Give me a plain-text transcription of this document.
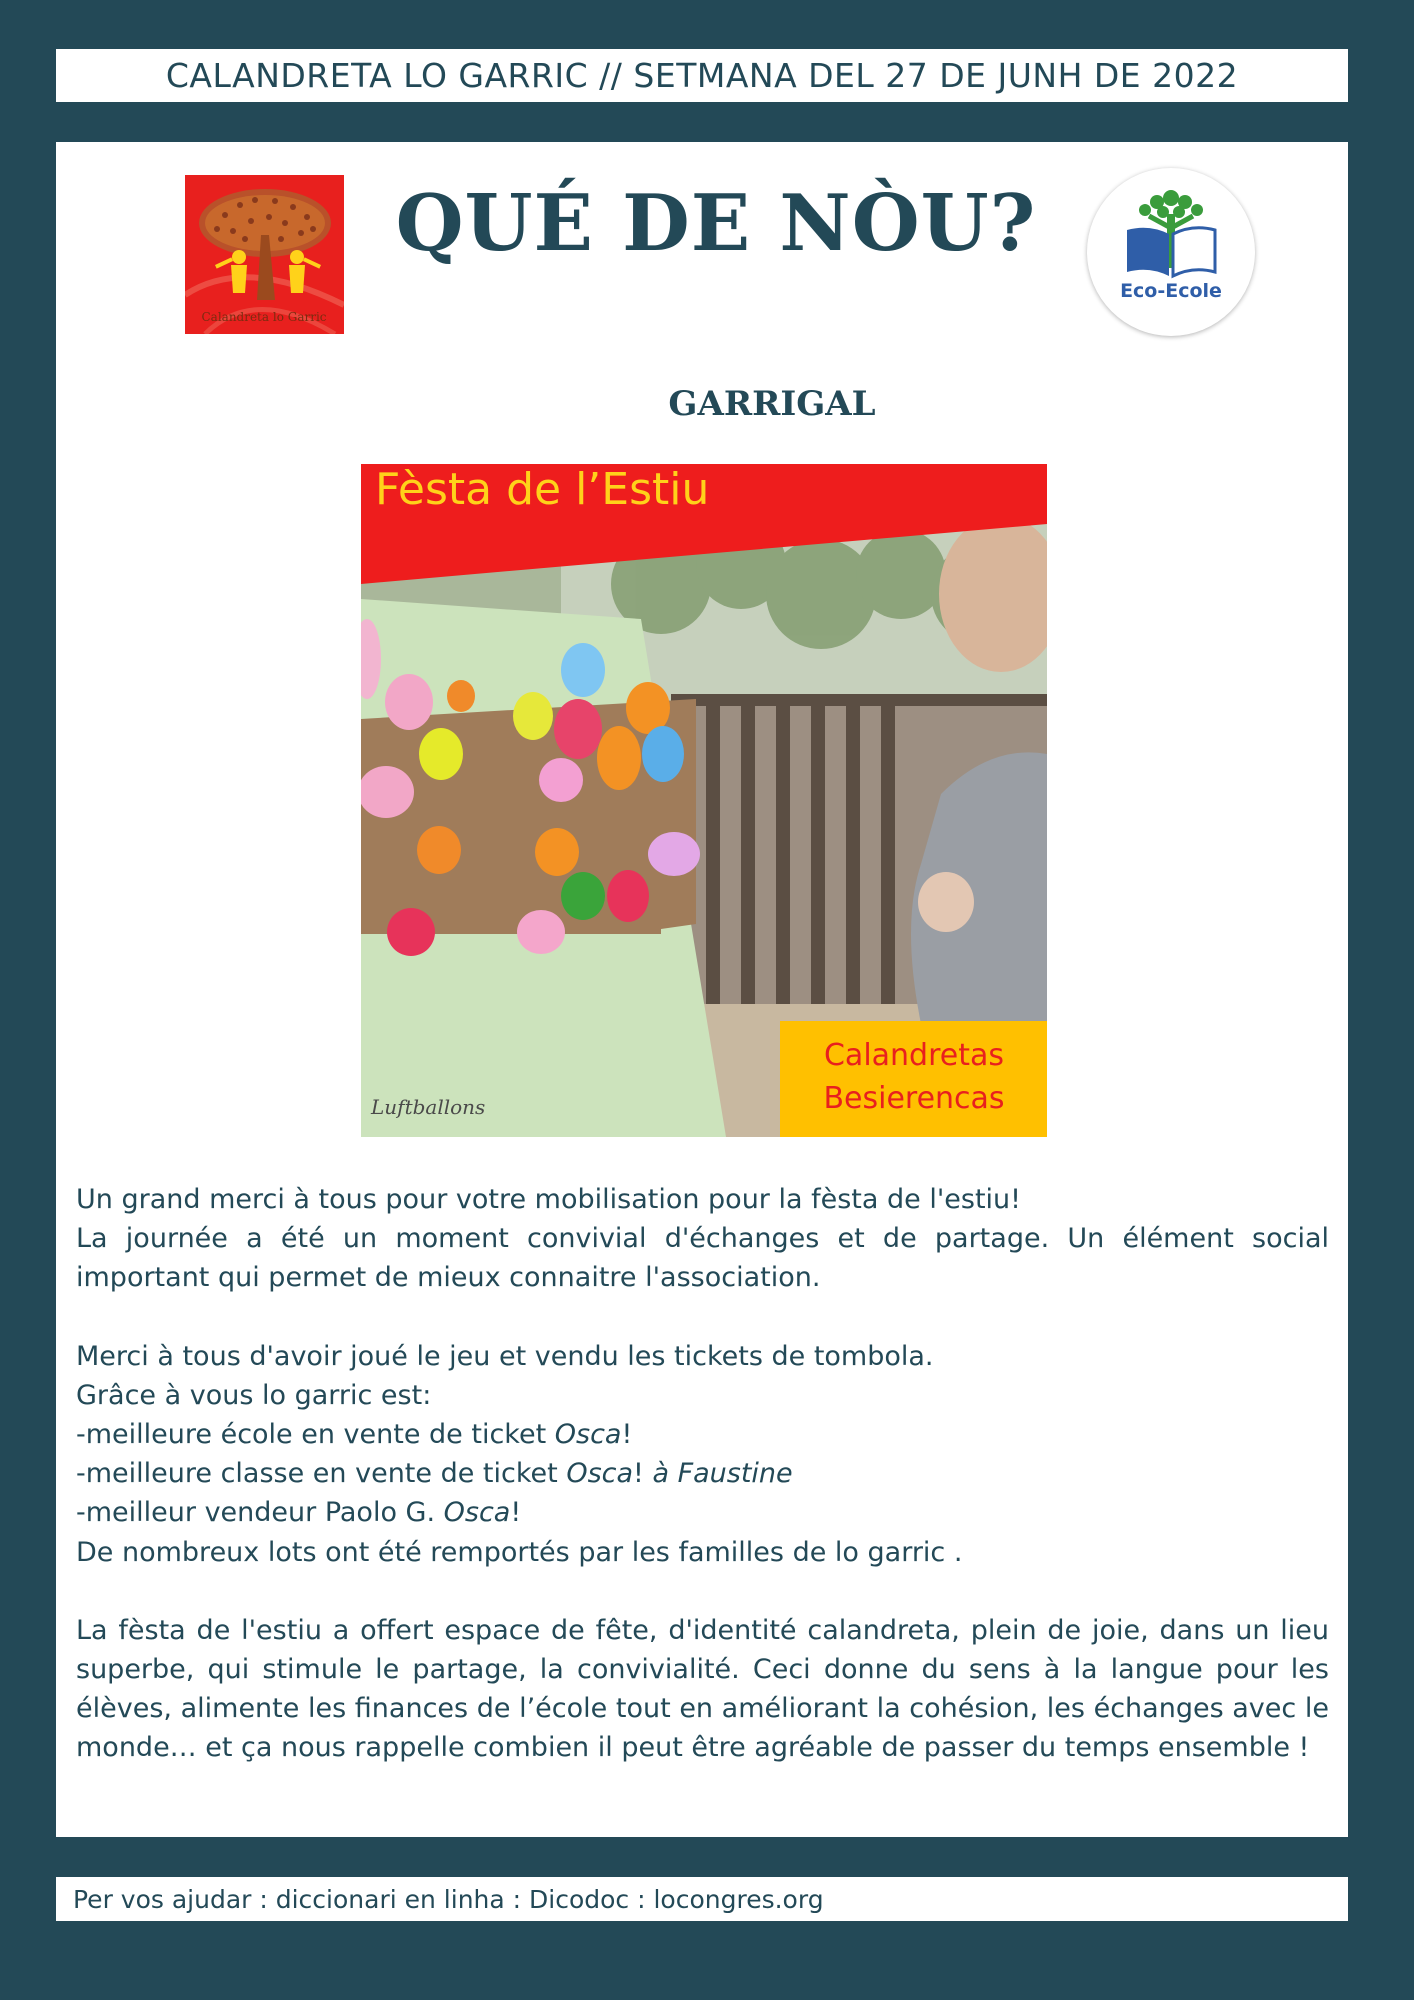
CALANDRETA LO GARRIC // SETMANA DEL 27 DE JUNH DE 2022
Calandreta lo Garric
QUÉ DE NÒU?
Eco-Ecole
GARRIGAL
Fèsta de l’Estiu
Calandretas
Besierencas
Luftballons

Un grand merci à tous pour votre mobilisation pour la fèsta de l'estiu!

La journée a été un moment convivial d'échanges et de partage. Un élément social important qui permet de mieux connaitre l'association.

Merci à tous d'avoir joué le jeu et vendu les tickets de tombola.

Grâce à vous lo garric est:

-meilleure école en vente de ticket Osca!

-meilleure classe en vente de ticket Osca! à Faustine

-meilleur vendeur Paolo G. Osca!

De nombreux lots ont été remportés par les familles de lo garric .

La fèsta de l'estiu a offert espace de fête, d'identité calandreta, plein de joie, dans un lieu superbe, qui stimule le partage, la convivialité. Ceci donne du sens à la langue pour les élèves, alimente les finances de l’école tout en améliorant la cohésion, les échanges avec le monde… et ça nous rappelle combien il peut être agréable de passer du temps ensemble !

Per vos ajudar : diccionari en linha : Dicodoc : locongres.org
